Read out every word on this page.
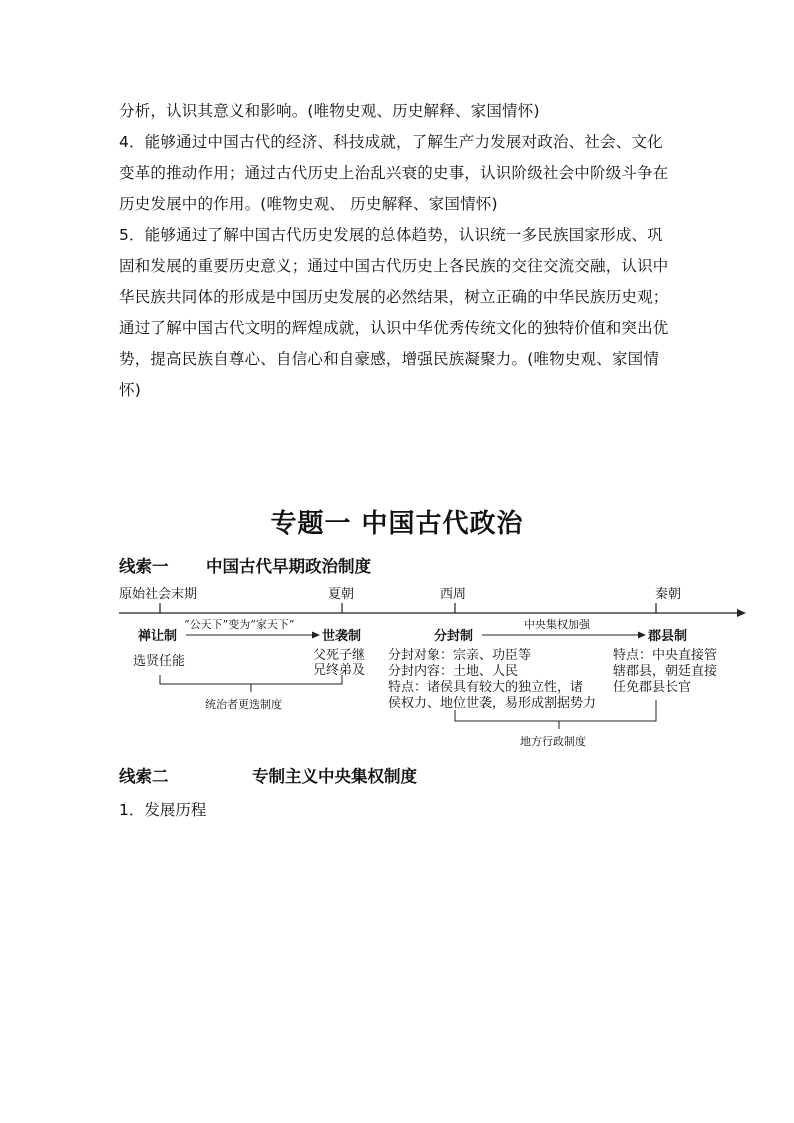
分析，认识其意义和影响。(唯物史观、历史解释、家国情怀)
4．能够通过中国古代的经济、科技成就，了解生产力发展对政治、社会、文化
变革的推动作用；通过古代历史上治乱兴衰的史事，认识阶级社会中阶级斗争在
历史发展中的作用。(唯物史观、 历史解释、家国情怀)
5．能够通过了解中国古代历史发展的总体趋势，认识统一多民族国家形成、巩
固和发展的重要历史意义；通过中国古代历史上各民族的交往交流交融，认识中
华民族共同体的形成是中国历史发展的必然结果，树立正确的中华民族历史观；
通过了解中国古代文明的辉煌成就，认识中华优秀传统文化的独特价值和突出优
势，提高民族自尊心、自信心和自豪感，增强民族凝聚力。(唯物史观、家国情
怀)
专题一 中国古代政治
线索一 中国古代早期政治制度
原始社会末期	夏朝	西周	秦朝
禅让制	世袭制	分封制	郡县制
“公天下”变为“家天下”	中央集权加强
选贤任能	父死子继
兄终弟及
分封对象：宗亲、功臣等
分封内容：土地、人民
特点：诸侯具有较大的独立性，诸
侯权力、地位世袭，易形成割据势力
特点：中央直接管
辖郡县，朝廷直接
任免郡县长官
统治者更迭制度
地方行政制度
线索二	专制主义中央集权制度
1．发展历程
